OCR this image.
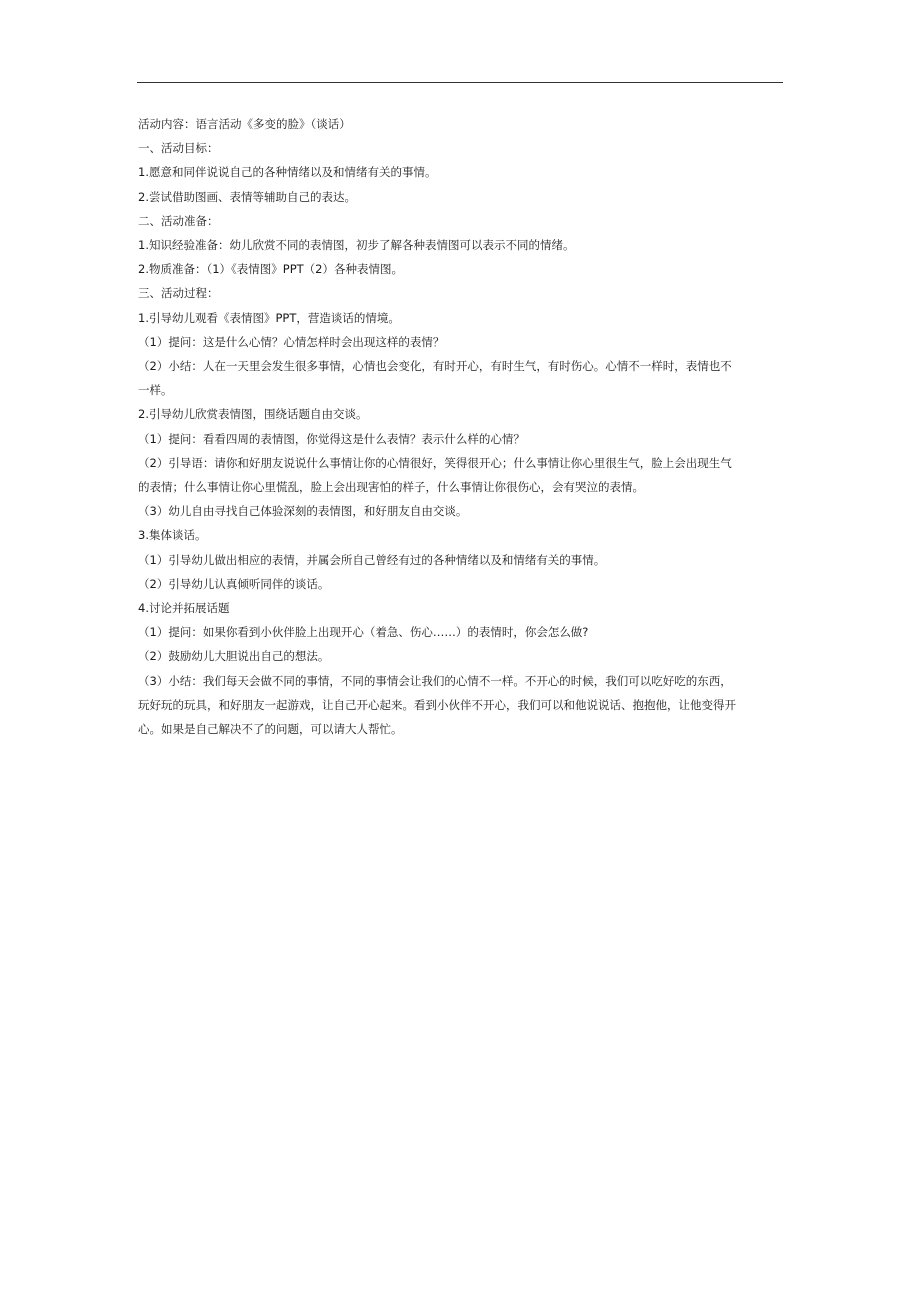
活动内容：语言活动《多变的脸》（谈话）
一、活动目标：
1.愿意和同伴说说自己的各种情绪以及和情绪有关的事情。
2.尝试借助图画、表情等辅助自己的表达。
二、活动准备：
1.知识经验准备：幼儿欣赏不同的表情图，初步了解各种表情图可以表示不同的情绪。
2.物质准备：（1）《表情图》PPT（2）各种表情图。
三、活动过程：
1.引导幼儿观看《表情图》PPT，营造谈话的情境。
（1）提问：这是什么心情？心情怎样时会出现这样的表情？
（2）小结：人在一天里会发生很多事情，心情也会变化，有时开心，有时生气，有时伤心。心情不一样时，表情也不
一样。
2.引导幼儿欣赏表情图，围绕话题自由交谈。
（1）提问：看看四周的表情图，你觉得这是什么表情？表示什么样的心情？
（2）引导语：请你和好朋友说说什么事情让你的心情很好，笑得很开心；什么事情让你心里很生气，脸上会出现生气
的表情；什么事情让你心里慌乱，脸上会出现害怕的样子，什么事情让你很伤心，会有哭泣的表情。
（3）幼儿自由寻找自己体验深刻的表情图，和好朋友自由交谈。
3.集体谈话。
（1）引导幼儿做出相应的表情，并属会所自己曾经有过的各种情绪以及和情绪有关的事情。
（2）引导幼儿认真倾听同伴的谈话。
4.讨论并拓展话题
（1）提问：如果你看到小伙伴脸上出现开心（着急、伤心……）的表情时，你会怎么做?
（2）鼓励幼儿大胆说出自己的想法。
（3）小结：我们每天会做不同的事情，不同的事情会让我们的心情不一样。不开心的时候，我们可以吃好吃的东西，
玩好玩的玩具，和好朋友一起游戏，让自己开心起来。看到小伙伴不开心，我们可以和他说说话、抱抱他，让他变得开
心。如果是自己解决不了的问题，可以请大人帮忙。
